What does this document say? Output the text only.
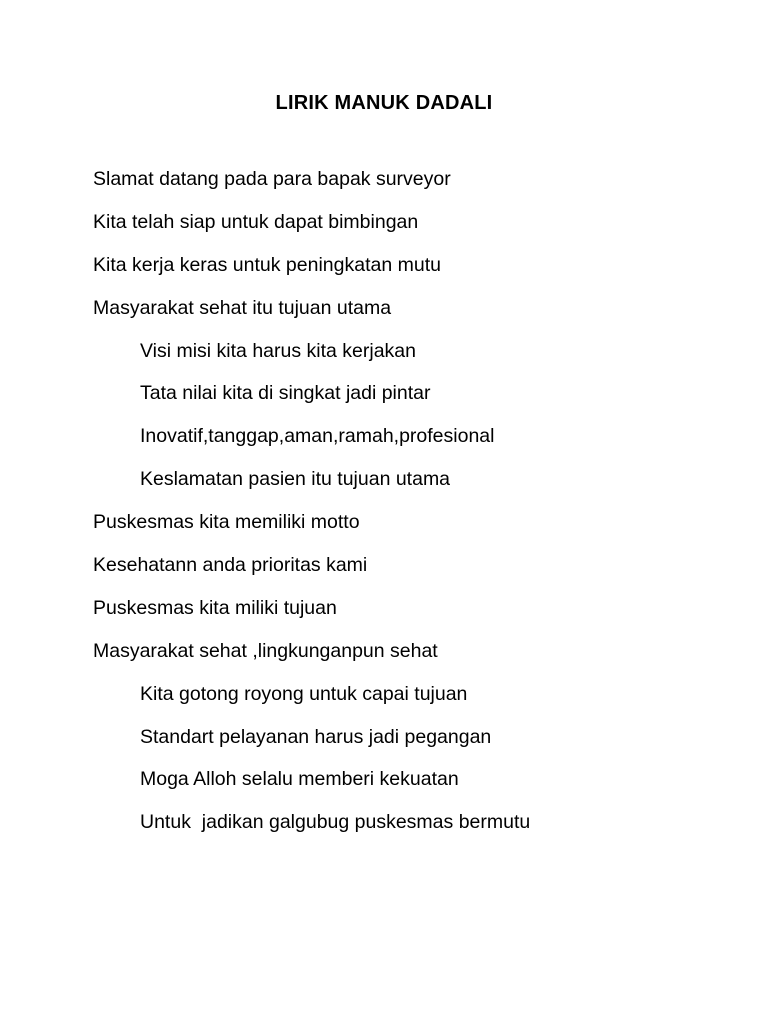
LIRIK MANUK DADALI
Slamat datang pada para bapak surveyor
Kita telah siap untuk dapat bimbingan
Kita kerja keras untuk peningkatan mutu
Masyarakat sehat itu tujuan utama
Visi misi kita harus kita kerjakan
Tata nilai kita di singkat jadi pintar
Inovatif,tanggap,aman,ramah,profesional
Keslamatan pasien itu tujuan utama
Puskesmas kita memiliki motto
Kesehatann anda prioritas kami
Puskesmas kita miliki tujuan
Masyarakat sehat ,lingkunganpun sehat
Kita gotong royong untuk capai tujuan
Standart pelayanan harus jadi pegangan
Moga Alloh selalu memberi kekuatan
Untuk  jadikan galgubug puskesmas bermutu
